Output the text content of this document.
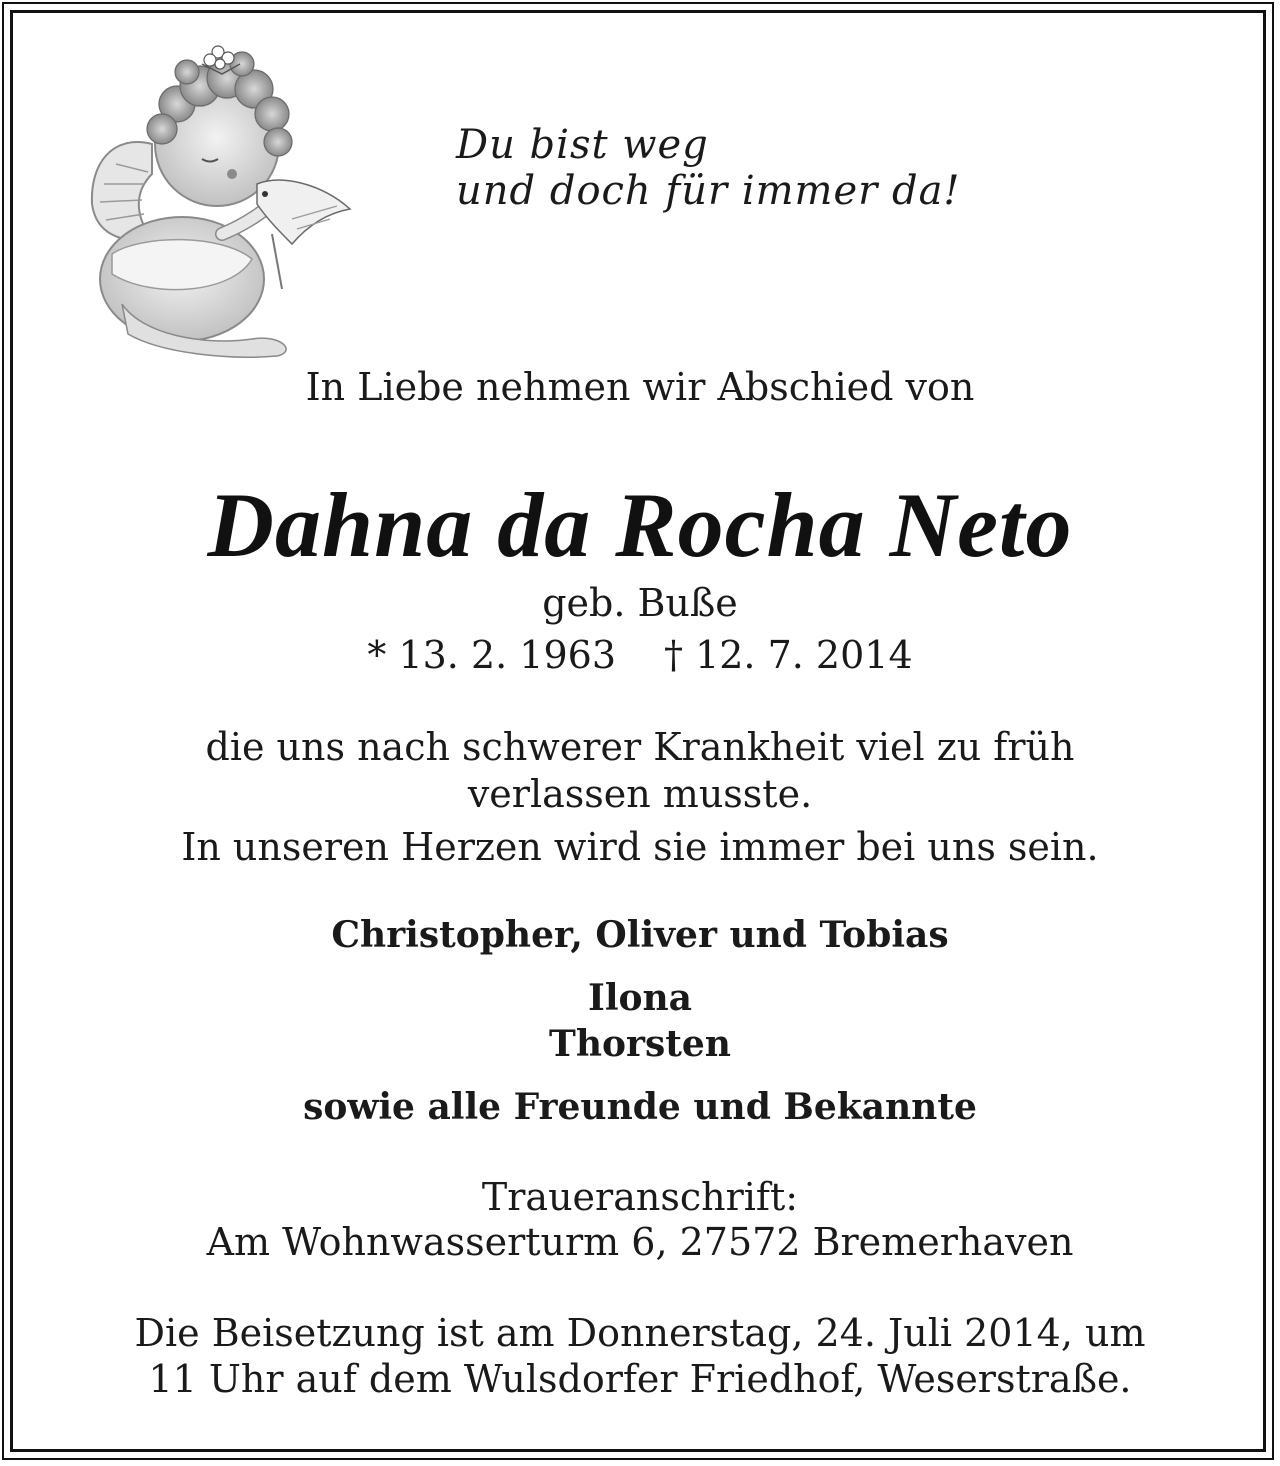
Du bist weg
und doch für immer da!
In Liebe nehmen wir Abschied von
Dahna da Rocha Neto
geb. Buße
* 13. 2. 1963 † 12. 7. 2014
die uns nach schwerer Krankheit viel zu früh
verlassen musste.
In unseren Herzen wird sie immer bei uns sein.
Christopher, Oliver und Tobias
Ilona
Thorsten
sowie alle Freunde und Bekannte
Traueranschrift:
Am Wohnwasserturm 6, 27572 Bremerhaven
Die Beisetzung ist am Donnerstag, 24. Juli 2014, um
11 Uhr auf dem Wulsdorfer Friedhof, Weserstraße.
